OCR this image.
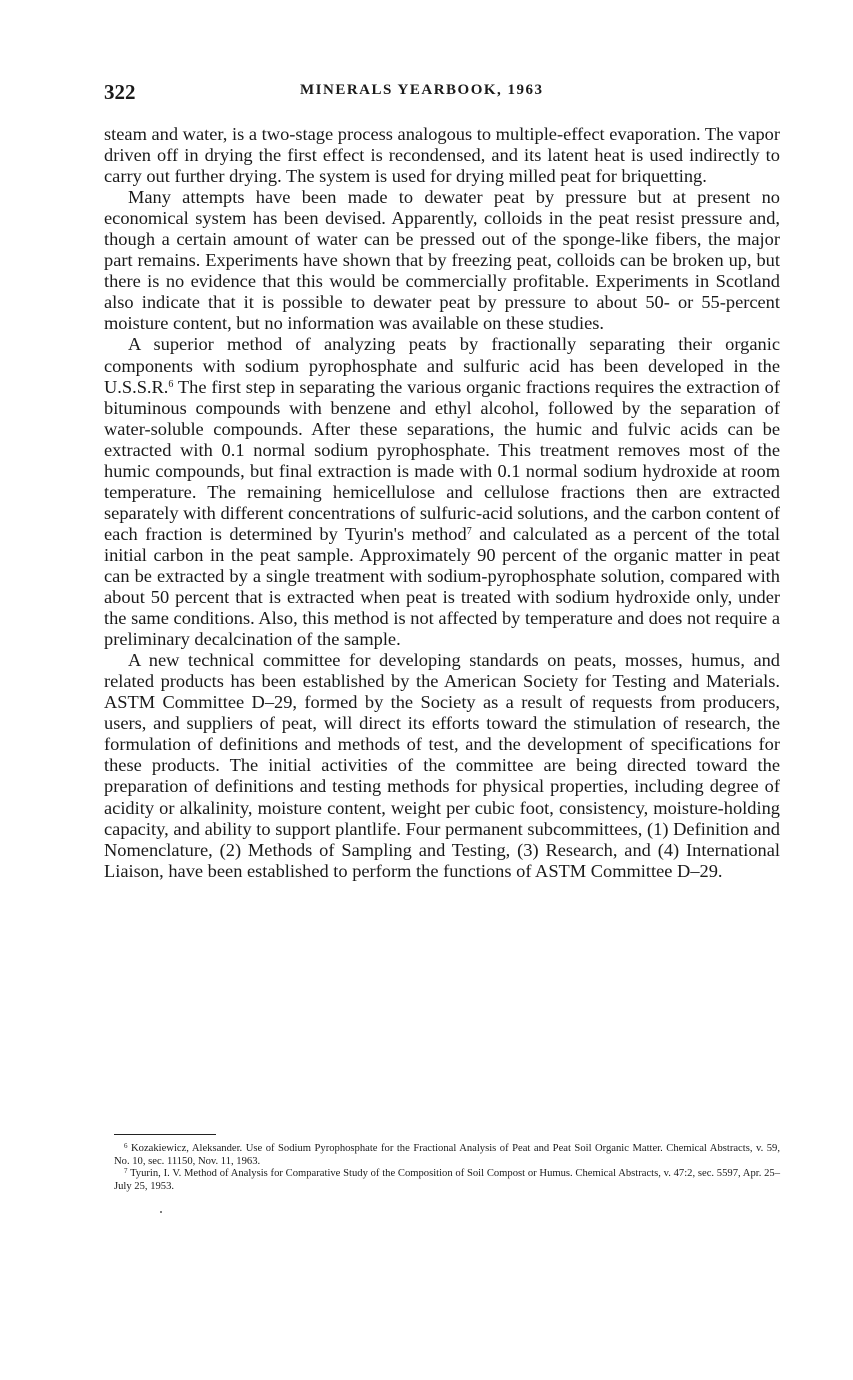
322	MINERALS YEARBOOK, 1963

steam and water, is a two-stage process analogous to multiple-effect evaporation. The vapor driven off in drying the first effect is recondensed, and its latent heat is used indirectly to carry out further drying. The system is used for drying milled peat for briquetting.

Many attempts have been made to dewater peat by pressure but at present no economical system has been devised. Apparently, colloids in the peat resist pressure and, though a certain amount of water can be pressed out of the sponge-like fibers, the major part remains. Experiments have shown that by freezing peat, colloids can be broken up, but there is no evidence that this would be commercially profitable. Experiments in Scotland also indicate that it is possible to dewater peat by pressure to about 50- or 55-percent moisture content, but no information was available on these studies.

A superior method of analyzing peats by fractionally separating their organic components with sodium pyrophosphate and sulfuric acid has been developed in the U.S.S.R.$^6$ The first step in separating the various organic fractions requires the extraction of bituminous compounds with benzene and ethyl alcohol, followed by the separation of water-soluble compounds. After these separations, the humic and fulvic acids can be extracted with 0.1 normal sodium pyrophosphate. This treatment removes most of the humic compounds, but final extraction is made with 0.1 normal sodium hydroxide at room temperature. The remaining hemicellulose and cellulose fractions then are extracted separately with different concentrations of sulfuric-acid solutions, and the carbon content of each fraction is determined by Tyurin's method$^7$ and calculated as a percent of the total initial carbon in the peat sample. Approximately 90 percent of the organic matter in peat can be extracted by a single treatment with sodium-pyrophosphate solution, compared with about 50 percent that is extracted when peat is treated with sodium hydroxide only, under the same conditions. Also, this method is not affected by temperature and does not require a preliminary decalcination of the sample.

A new technical committee for developing standards on peats, mosses, humus, and related products has been established by the American Society for Testing and Materials. ASTM Committee D–29, formed by the Society as a result of requests from producers, users, and suppliers of peat, will direct its efforts toward the stimulation of research, the formulation of definitions and methods of test, and the development of specifications for these products. The initial activities of the committee are being directed toward the preparation of definitions and testing methods for physical properties, including degree of acidity or alkalinity, moisture content, weight per cubic foot, consistency, moisture-holding capacity, and ability to support plantlife. Four permanent subcommittees, (1) Definition and Nomenclature, (2) Methods of Sampling and Testing, (3) Research, and (4) International Liaison, have been established to perform the functions of ASTM Committee D–29.

$^6$ Kozakiewicz, Aleksander. Use of Sodium Pyrophosphate for the Fractional Analysis of Peat and Peat Soil Organic Matter. Chemical Abstracts, v. 59, No. 10, sec. 11150, Nov. 11, 1963.

$^7$ Tyurin, I. V. Method of Analysis for Comparative Study of the Composition of Soil Compost or Humus. Chemical Abstracts, v. 47:2, sec. 5597, Apr. 25–July 25, 1953.
